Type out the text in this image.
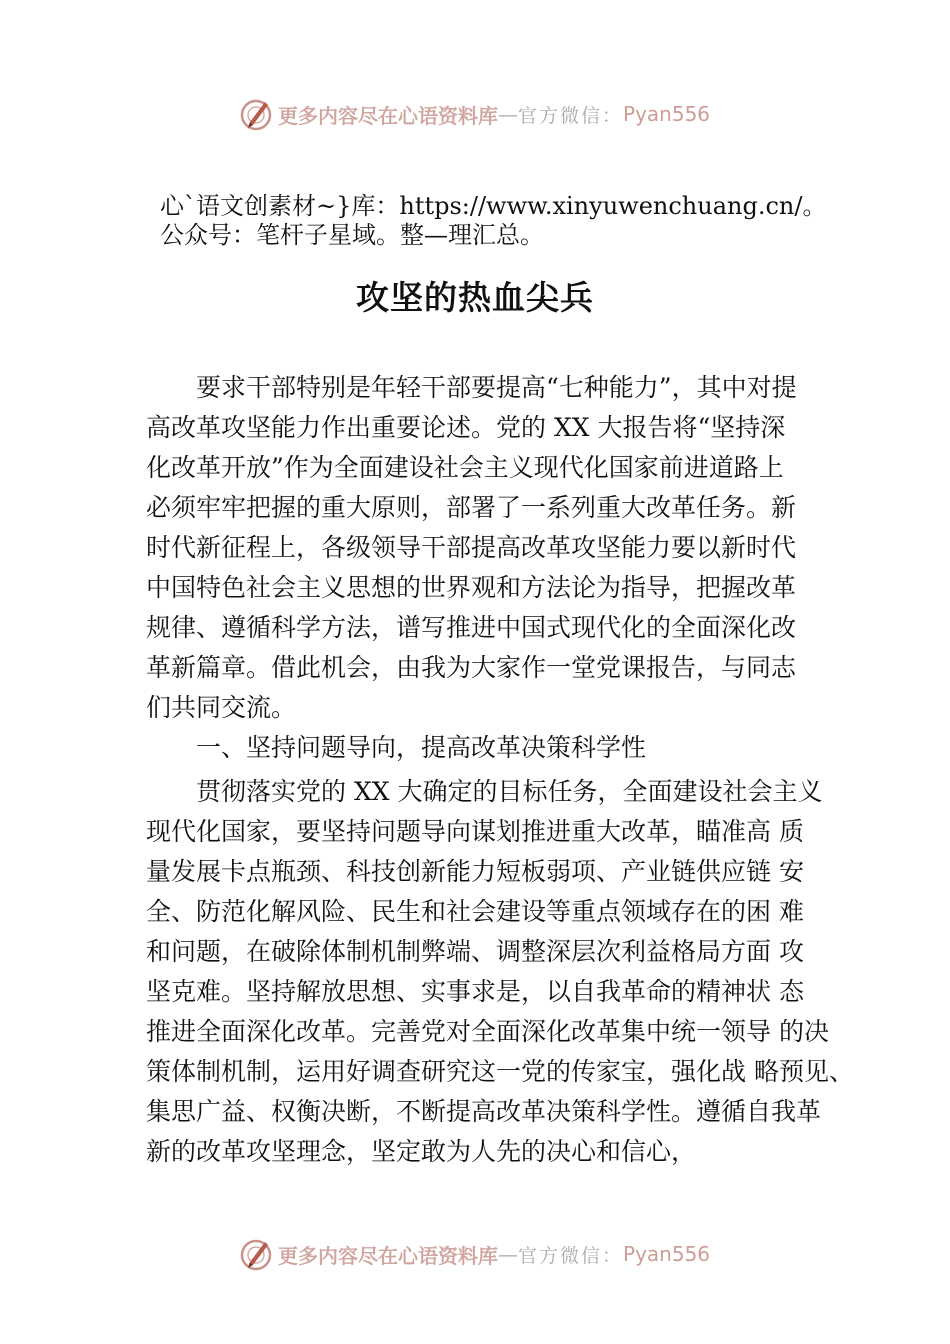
更多内容尽在心语资料库 — 官方微信： Pyan556
心`语文创素材~}库：https://www.xinyuwenchuang.cn/。公众号：笔杆子星域。整—理汇总。
攻坚的热血尖兵
　　要求干部特别是年轻干部要提高“七种能力”，其中对提
高改革攻坚能力作出重要论述。党的 XX 大报告将“坚持深
化改革开放”作为全面建设社会主义现代化国家前进道路上
必须牢牢把握的重大原则，部署了一系列重大改革任务。新
时代新征程上，各级领导干部提高改革攻坚能力要以新时代
中国特色社会主义思想的世界观和方法论为指导，把握改革
规律、遵循科学方法，谱写推进中国式现代化的全面深化改
革新篇章。借此机会，由我为大家作一堂党课报告，与同志
们共同交流。
　　一、坚持问题导向，提高改革决策科学性
　　贯彻落实党的 XX 大确定的目标任务，全面建设社会主义
现代化国家，要坚持问题导向谋划推进重大改革，瞄准高 质
量发展卡点瓶颈、科技创新能力短板弱项、产业链供应链 安
全、防范化解风险、民生和社会建设等重点领域存在的困 难
和问题，在破除体制机制弊端、调整深层次利益格局方面 攻
坚克难。坚持解放思想、实事求是，以自我革命的精神状 态
推进全面深化改革。完善党对全面深化改革集中统一领导 的决
策体制机制，运用好调查研究这一党的传家宝，强化战 略预见、
集思广益、权衡决断，不断提高改革决策科学性。遵循自我革
新的改革攻坚理念，坚定敢为人先的决心和信心，
更多内容尽在心语资料库 — 官方微信： Pyan556
